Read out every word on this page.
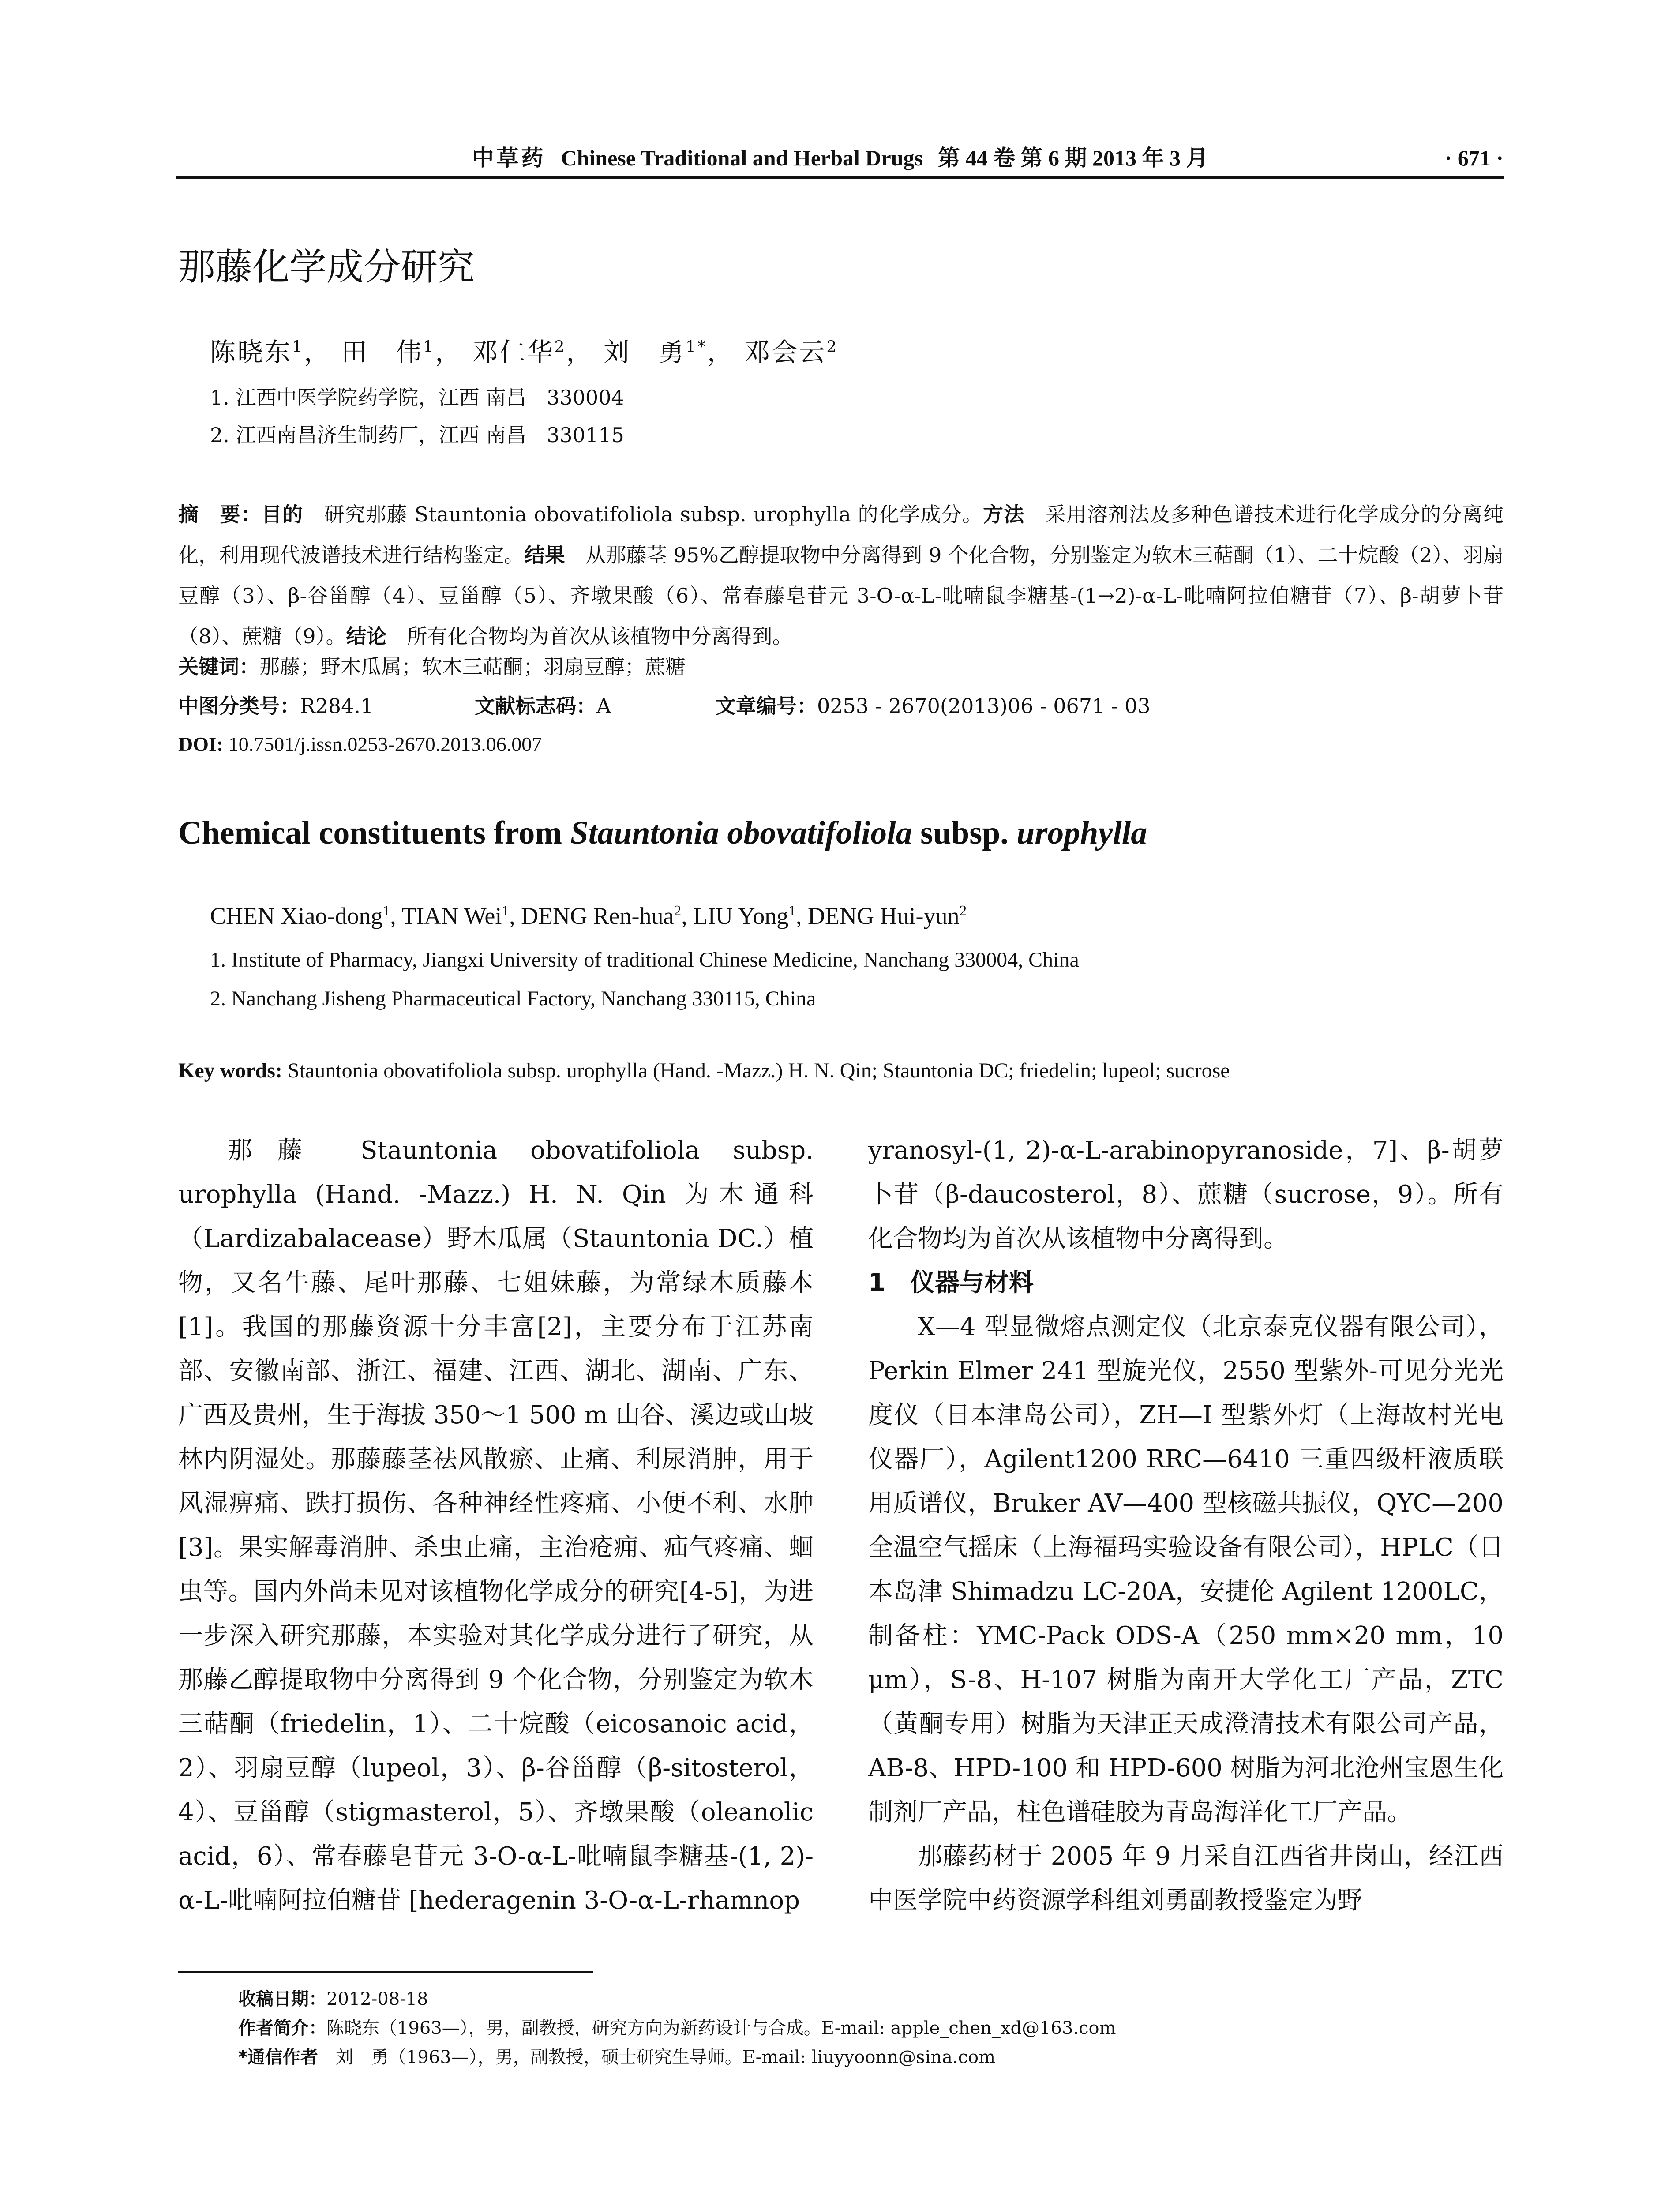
中草药 Chinese Traditional and Herbal Drugs 第 44 卷 第 6 期 2013 年 3 月	· 671 ·
那藤化学成分研究
陈晓东$^1$， 田　伟$^1$， 邓仁华$^2$， 刘　勇$^{1*}$， 邓会云$^2$
1. 江西中医学院药学院，江西 南昌　330004
2. 江西南昌济生制药厂，江西 南昌　330115
摘　要：目的　 研究那藤 Stauntonia obovatifoliola subsp. urophylla 的化学成分。方法　 采用溶剂法及多种色谱技术进行化学成分的分离纯化，利用现代波谱技术进行结构鉴定。结果　 从那藤茎 95%乙醇提取物中分离得到 9 个化合物，分别鉴定为软木三萜酮（1）、二十烷酸（2）、羽扇豆醇（3）、β-谷甾醇（4）、豆甾醇（5）、齐墩果酸（6）、常春藤皂苷元 3-O-α-L-吡喃鼠李糖基-(1→2)-α-L-吡喃阿拉伯糖苷（7）、β-胡萝卜苷（8）、蔗糖（9）。结论　 所有化合物均为首次从该植物中分离得到。
关键词：那藤；野木瓜属；软木三萜酮；羽扇豆醇；蔗糖
中图分类号：R284.1	文献标志码：A	文章编号：0253 - 2670(2013)06 - 0671 - 03
DOI: 10.7501/j.issn.0253-2670.2013.06.007
Chemical constituents from Stauntonia obovatifoliola subsp. urophylla
CHEN Xiao-dong$^1$, TIAN Wei$^1$, DENG Ren-hua$^2$, LIU Yong$^1$, DENG Hui-yun$^2$
1. Institute of Pharmacy, Jiangxi University of traditional Chinese Medicine, Nanchang 330004, China
2. Nanchang Jisheng Pharmaceutical Factory, Nanchang 330115, China
Key words: Stauntonia obovatifoliola subsp. urophylla (Hand. -Mazz.) H. N. Qin; Stauntonia DC; friedelin; lupeol; sucrose

那藤 Stauntonia obovatifoliola subsp. urophylla (Hand. -Mazz.) H. N. Qin 为木通科（Lardizabalacease）野木瓜属（Stauntonia DC.）植物，又名牛藤、尾叶那藤、七姐妹藤，为常绿木质藤本[1]。我国的那藤资源十分丰富[2]，主要分布于江苏南部、安徽南部、浙江、福建、江西、湖北、湖南、广东、广西及贵州，生于海拔 350～1 500 m 山谷、溪边或山坡林内阴湿处。那藤藤茎祛风散瘀、止痛、利尿消肿，用于风湿痹痛、跌打损伤、各种神经性疼痛、小便不利、水肿[3]。果实解毒消肿、杀虫止痛，主治疮痈、疝气疼痛、蛔虫等。国内外尚未见对该植物化学成分的研究[4-5]，为进一步深入研究那藤，本实验对其化学成分进行了研究，从那藤乙醇提取物中分离得到 9 个化合物，分别鉴定为软木三萜酮（friedelin，1）、二十烷酸（eicosanoic acid，2）、羽扇豆醇（lupeol，3）、β-谷甾醇（β-sitosterol，4）、豆甾醇（stigmasterol，5）、齐墩果酸（oleanolic acid，6）、常春藤皂苷元 3-O-α-L-吡喃鼠李糖基-(1, 2)-α-L-吡喃阿拉伯糖苷 [hederagenin 3-O-α-L-rhamnop

yranosyl-(1, 2)-α-L-arabinopyranoside，7]、β-胡萝卜苷（β-daucosterol，8）、蔗糖（sucrose，9）。所有化合物均为首次从该植物中分离得到。

1　仪器与材料

X—4 型显微熔点测定仪（北京泰克仪器有限公司），Perkin Elmer 241 型旋光仪，2550 型紫外-可见分光光度仪（日本津岛公司），ZH—I 型紫外灯（上海故村光电仪器厂），Agilent1200 RRC—6410 三重四级杆液质联用质谱仪，Bruker AV—400 型核磁共振仪，QYC—200 全温空气摇床（上海福玛实验设备有限公司），HPLC（日本岛津 Shimadzu LC-20A，安捷伦 Agilent 1200LC，制备柱：YMC-Pack ODS-A（250 mm×20 mm，10 μm），S-8、H-107 树脂为南开大学化工厂产品，ZTC（黄酮专用）树脂为天津正天成澄清技术有限公司产品，AB-8、HPD-100 和 HPD-600 树脂为河北沧州宝恩生化制剂厂产品，柱色谱硅胶为青岛海洋化工厂产品。

那藤药材于 2005 年 9 月采自江西省井岗山，经江西中医学院中药资源学科组刘勇副教授鉴定为野

收稿日期：2012-08-18
作者简介：陈晓东（1963—），男，副教授，研究方向为新药设计与合成。E-mail: apple_chen_xd@163.com
*通信作者　 刘　勇（1963—），男，副教授，硕士研究生导师。E-mail: liuyyoonn@sina.com
